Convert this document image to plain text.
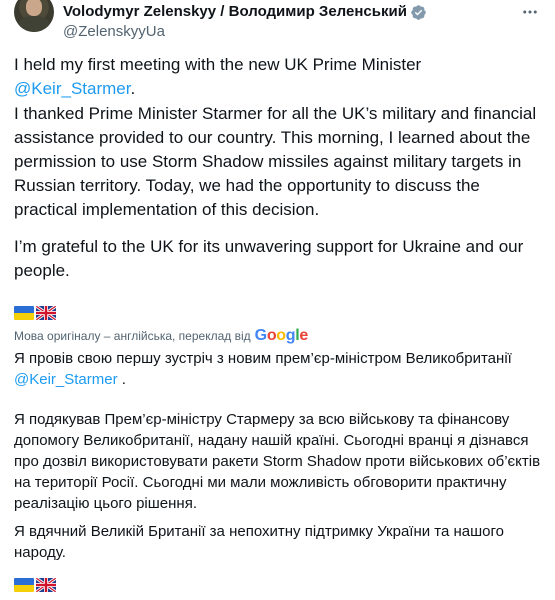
Volodymyr Zelenskyy / Володимир Зеленський
@ZelenskyyUa

I held my first meeting with the new UK Prime Minister @Keir_Starmer.

I thanked Prime Minister Starmer for all the UK’s military and financial assistance provided to our country. This morning, I learned about the permission to use Storm Shadow missiles against military targets in Russian territory. Today, we had the opportunity to discuss the practical implementation of this decision.

I’m grateful to the UK for its unwavering support for Ukraine and our people.

Мова оригіналу – англійська, переклад від Google

Я провів свою першу зустріч з новим прем’єр-міністром Великобританії
@Keir_Starmer .

Я подякував Прем’єр-міністру Стармеру за всю військову та фінансову допомогу Великобританії, надану нашій країні. Сьогодні вранці я дізнався про дозвіл використовувати ракети Storm Shadow проти військових об’єктів на території Росії. Сьогодні ми мали можливість обговорити практичну реалізацію цього рішення.

Я вдячний Великій Британії за непохитну підтримку України та нашого народу.
